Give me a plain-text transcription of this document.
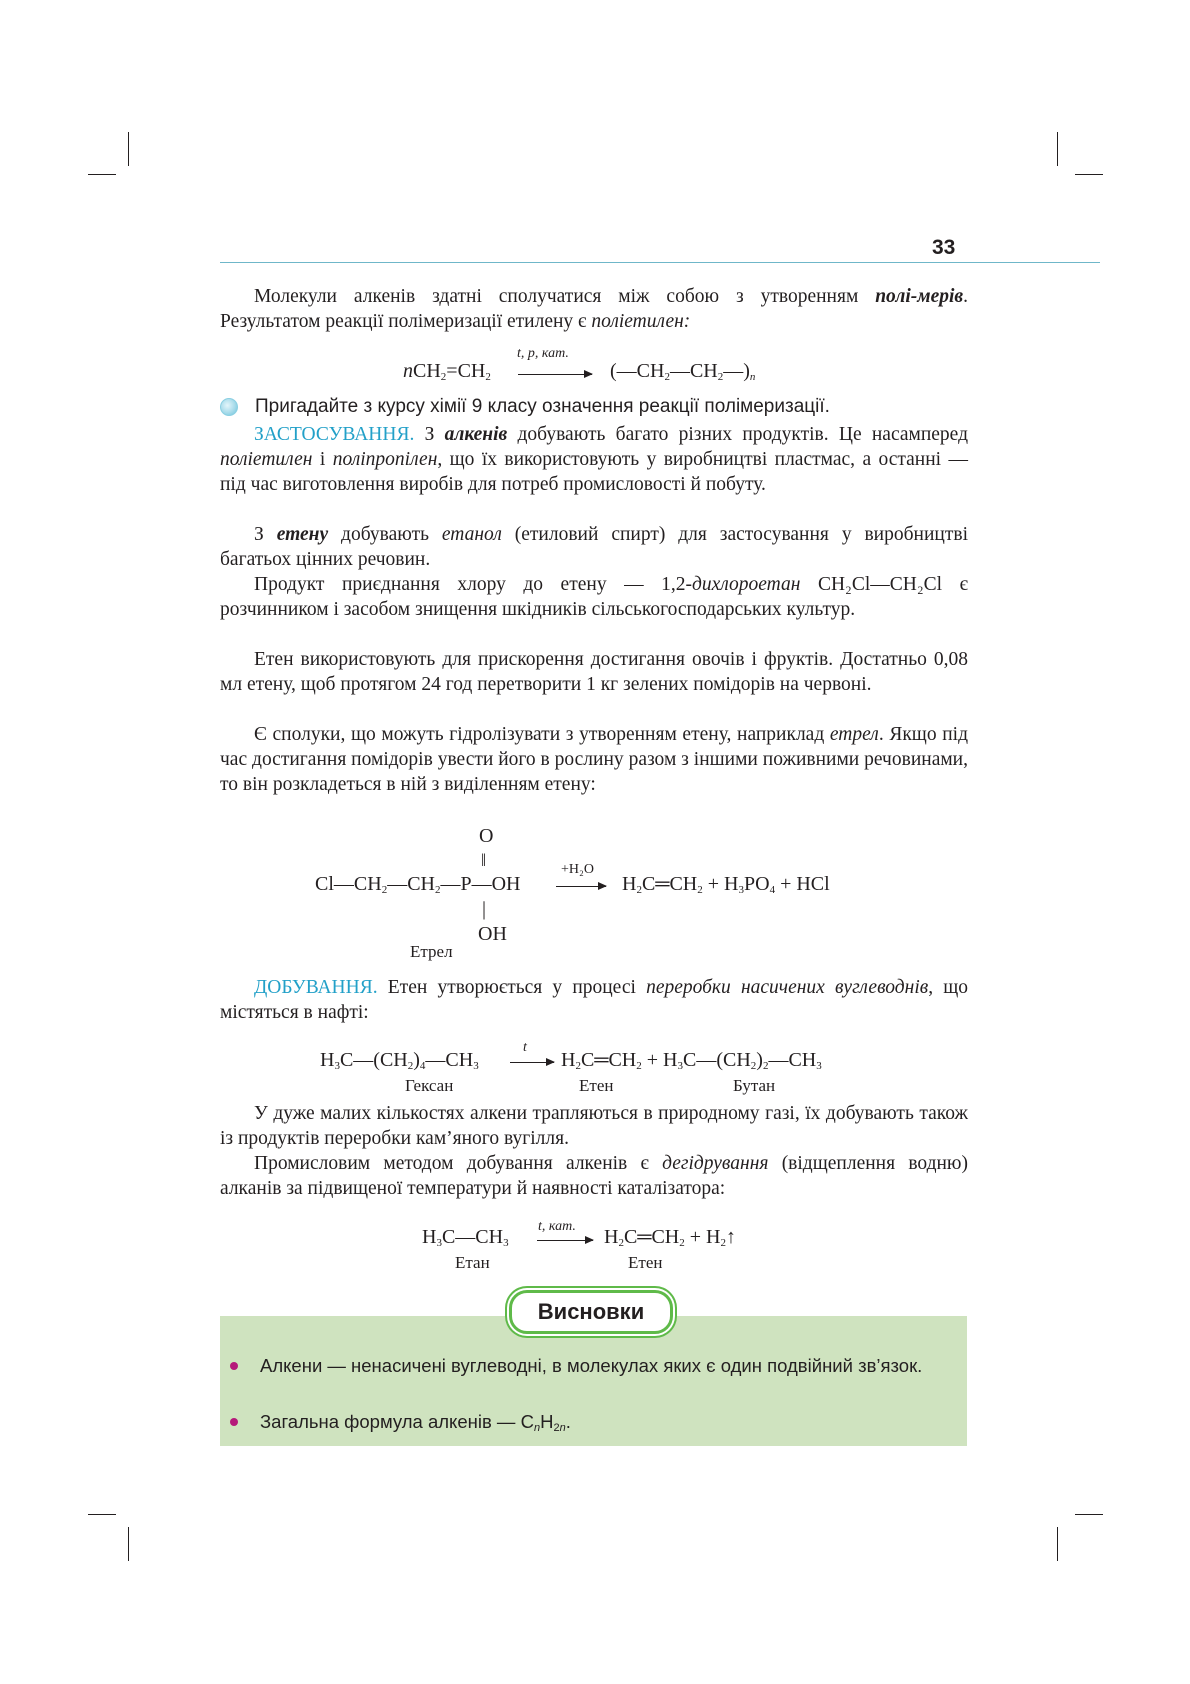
33

Молекули алкенів здатні сполучатися між собою з утворенням полі-мерів. Результатом реакції полімеризації етилену є поліетилен:

t, p, кат.
$nCH_2=CH_2$	$(—CH_2—CH_2—)_n$
Пригадайте з курсу хімії 9 класу означення реакції полімеризації.

ЗАСТОСУВАННЯ. З алкенів добувають багато різних продуктів. Це насамперед поліетилен і поліпропілен, що їх використовують у виробництві пластмас, а останні — під час виготовлення виробів для потреб промисловості й побуту.

З етену добувають етанол (етиловий спирт) для застосування у виробництві багатьох цінних речовин.

Продукт приєднання хлору до етену — 1,2-дихлороетан СН₂Сl—СН₂Сl є розчинником і засобом знищення шкідників сільськогосподарських культур.

Етен використовують для прискорення достигання овочів і фруктів. Достатньо 0,08 мл етену, щоб протягом 24 год перетворити 1 кг зелених помідорів на червоні.

Є сполуки, що можуть гідролізувати з утворенням етену, наприклад етрел. Якщо під час достигання помідорів увести його в рослину разом з іншими поживними речовинами, то він розкладеться в ній з виділенням етену:

O
‖
$Cl—CH_2—CH_2—P—OH$
|
OH
Етрел
+H₂O
$H_2C═CH_2 + H_3PO_4$ + HCl

ДОБУВАННЯ. Етен утворюється у процесі переробки насичених вуглеводнів, що містяться в нафті:

t
$H_3C—(CH_2)_4—CH_3$	$H_2C═CH_2$ + $H_3C—(CH_2)_2—CH_3$
Гексан	Етен	Бутан

У дуже малих кількостях алкени трапляються в природному газі, їх добувають також із продуктів переробки кам’яного вугілля.

Промисловим методом добування алкенів є дегідрування (відщеплення водню) алканів за підвищеної температури й наявності каталізатора:

t, кат.
$H_3C—CH_3$	$H_2C═CH_2$ + $H_2↑$
Етан	Етен
Висновки
Алкени — ненасичені вуглеводні, в молекулах яких є один подвійний зв’язок.
Загальна формула алкенів — $C_nH_{2n}$.
